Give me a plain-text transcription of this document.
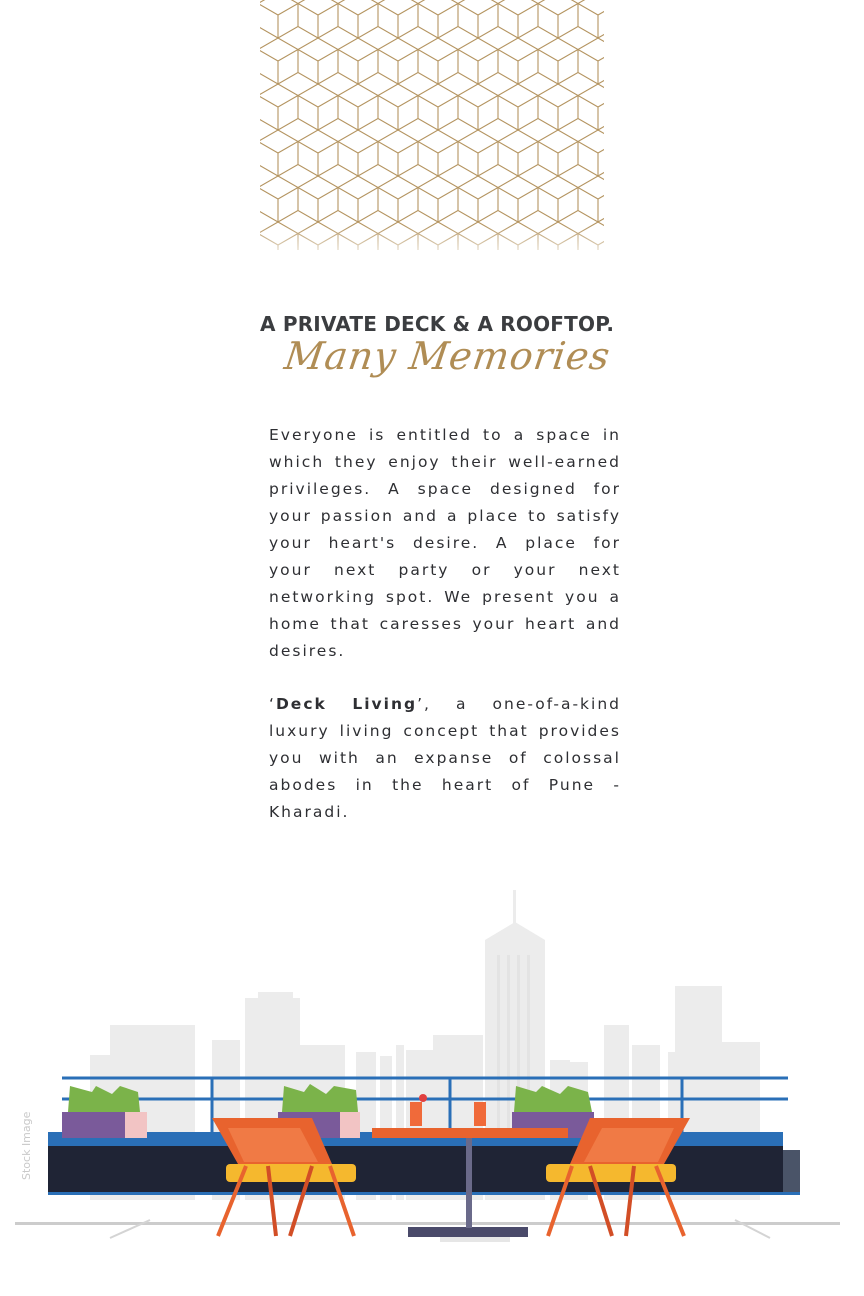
A PRIVATE DECK & A ROOFTOP.
Many Memories

Everyone is entitled to a space in which they enjoy their well-earned privileges. A space designed for your passion and a place to satisfy your heart's desire. A place for your next party or your next networking spot. We present you a home that caresses your heart and desires.

‘Deck Living’, a one-of-a-kind luxury living concept that provides you with an expanse of colossal abodes in the heart of Pune - Kharadi.

Stock Image
